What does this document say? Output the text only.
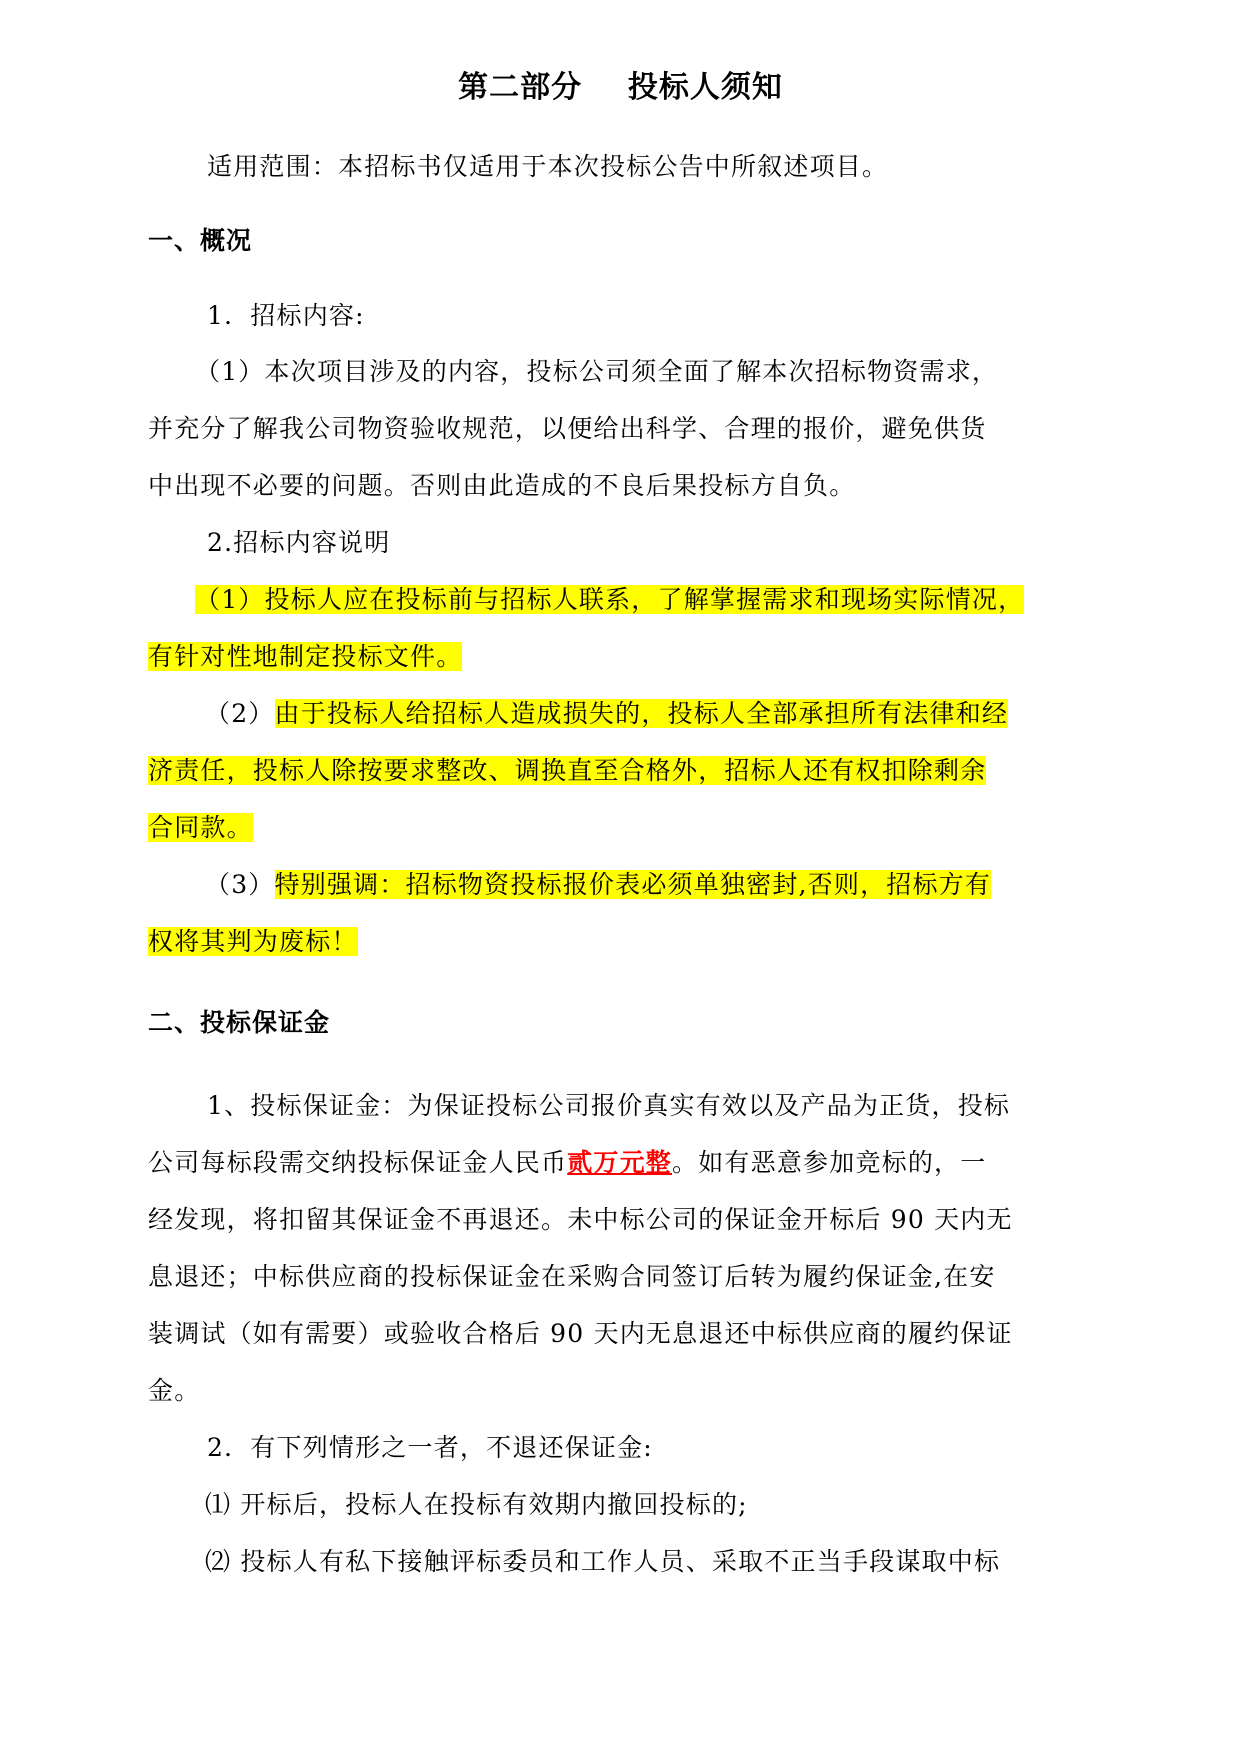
第二部分    投标人须知
适用范围：本招标书仅适用于本次投标公告中所叙述项目。
一、概况
1．招标内容:
（1）本次项目涉及的内容，投标公司须全面了解本次招标物资需求，
并充分了解我公司物资验收规范，以便给出科学、合理的报价，避免供货
中出现不必要的问题。否则由此造成的不良后果投标方自负。
2.招标内容说明
（1）投标人应在投标前与招标人联系，了解掌握需求和现场实际情况，
有针对性地制定投标文件。
（2）由于投标人给招标人造成损失的，投标人全部承担所有法律和经
济责任，投标人除按要求整改、调换直至合格外，招标人还有权扣除剩余
合同款。
（3）特别强调：招标物资投标报价表必须单独密封,否则，招标方有
权将其判为废标！
二、投标保证金
1、投标保证金：为保证投标公司报价真实有效以及产品为正货，投标
公司每标段需交纳投标保证金人民币贰万元整。如有恶意参加竞标的，一
经发现，将扣留其保证金不再退还。未中标公司的保证金开标后 90 天内无
息退还；中标供应商的投标保证金在采购合同签订后转为履约保证金,在安
装调试（如有需要）或验收合格后 90 天内无息退还中标供应商的履约保证
金。
2．有下列情形之一者，不退还保证金:
⑴ 开标后，投标人在投标有效期内撤回投标的;
⑵ 投标人有私下接触评标委员和工作人员、采取不正当手段谋取中标
